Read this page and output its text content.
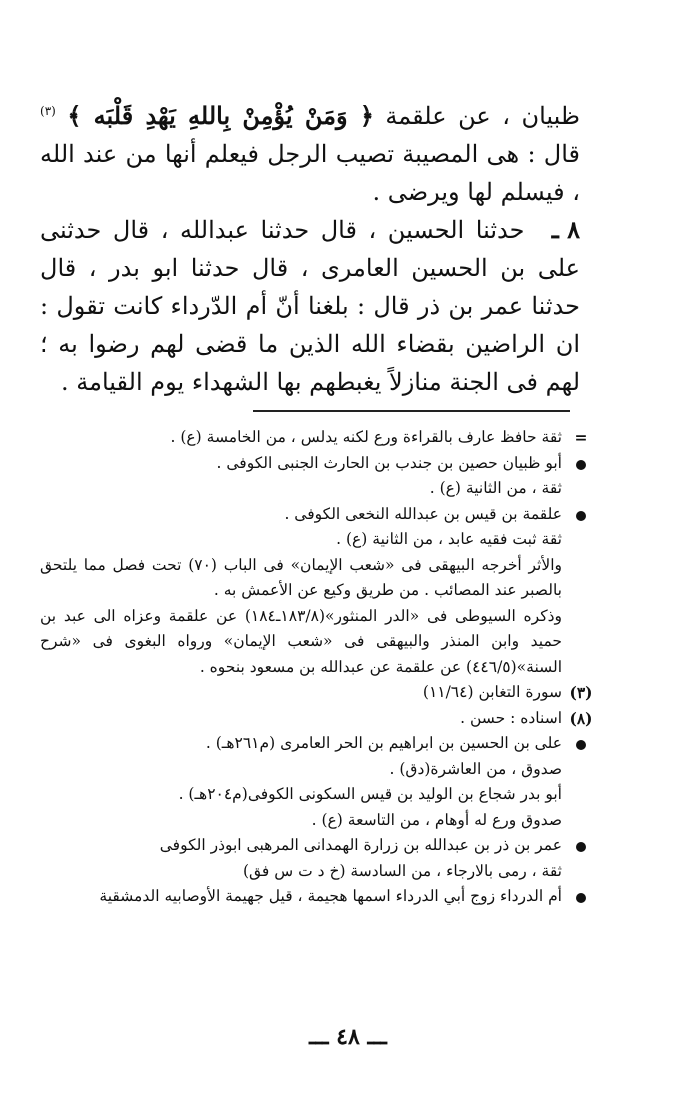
ظبيان ، عن علقمة ﴿ وَمَنْ يُؤْمِنْ بِاللهِ يَهْدِ قَلْبَه ﴾ $^{(٣)}$ قال : هى المصيبة تصيب الرجل فيعلم أنها من عند الله ، فيسلم لها ويرضى .

٨ ـ حدثنا الحسين ، قال حدثنا عبدالله ، قال حدثنى على بن الحسين العامرى ، قال حدثنا ابو بدر ، قال حدثنا عمر بن ذر قال : بلغنا أنّ أم الدّرداء كانت تقول : ان الراضين بقضاء الله الذين ما قضى لهم رضوا به ؛ لهم فى الجنة منازلاً يغبطهم بها الشهداء يوم القيامة .

=
ثقة حافظ عارف بالقراءة ورع لكنه يدلس ، من الخامسة (ع) .
أبو ظبيان حصين بن جندب بن الحارث الجنبى الكوفى .
ثقة ، من الثانية (ع) .
علقمة بن قيس بن عبدالله النخعى الكوفى .
ثقة ثبت فقيه عابد ، من الثانية (ع) .
والأثر أخرجه البيهقى فى «شعب الإيمان» فى الباب (٧٠) تحت فصل مما يلتحق بالصبر عند المصائب . من طريق وكيع عن الأعمش به .
وذكره السيوطى فى «الدر المنثور»(١٨٣/٨ـ١٨٤) عن علقمة وعزاه الى عبد بن حميد وابن المنذر والبيهقى فى «شعب الإيمان» ورواه البغوى فى «شرح السنة»(٤٤٦/٥) عن علقمة عن عبدالله بن مسعود بنحوه .
(٣)
سورة التغابن (١١/٦٤)
(٨)
اسناده : حسن .
على بن الحسين بن ابراهيم بن الحر العامرى (م٢٦١هـ) .
صدوق ، من العاشرة(دق) .
أبو بدر شجاع بن الوليد بن قيس السكونى الكوفى(م٢٠٤هـ) .
صدوق ورع له أوهام ، من التاسعة (ع) .
عمر بن ذر بن عبدالله بن زرارة الهمدانى المرهبى ابوذر الكوفى
ثقة ، رمى بالارجاء ، من السادسة (خ د ت س فق)
أم الدرداء زوج أبي الدرداء اسمها هجيمة ، قيل جهيمة الأوصابيه الدمشقية
ـــ ٤٨ ـــ
